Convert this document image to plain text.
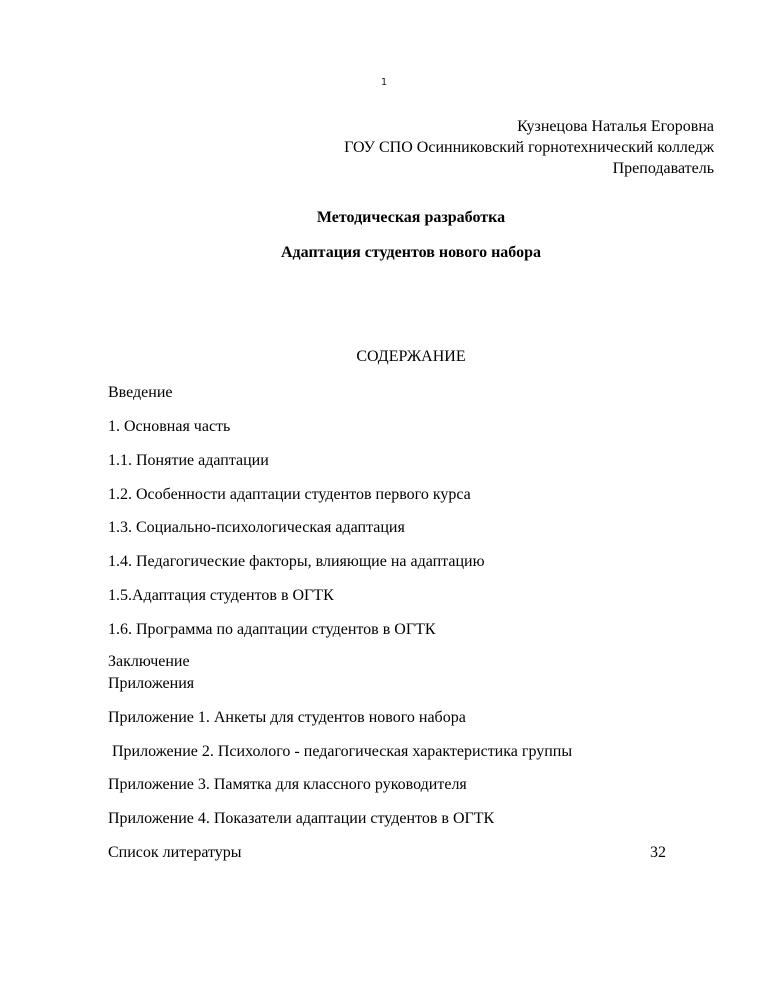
1
Кузнецова Наталья Егоровна
ГОУ СПО Осинниковский горнотехнический колледж
Преподаватель
Методическая разработка
Адаптация студентов нового набора
СОДЕРЖАНИЕ
Введение
1. Основная часть
1.1. Понятие адаптации
1.2. Особенности адаптации студентов первого курса
1.3. Социально-психологическая адаптация
1.4. Педагогические факторы, влияющие на адаптацию
1.5.Адаптация студентов в ОГТК
1.6. Программа по адаптации студентов в ОГТК
Заключение
Приложения
Приложение 1. Анкеты для студентов нового набора
Приложение 2. Психолого - педагогическая характеристика группы
Приложение 3. Памятка для классного руководителя
Приложение 4. Показатели адаптации студентов в ОГТК
Список литературы	32
